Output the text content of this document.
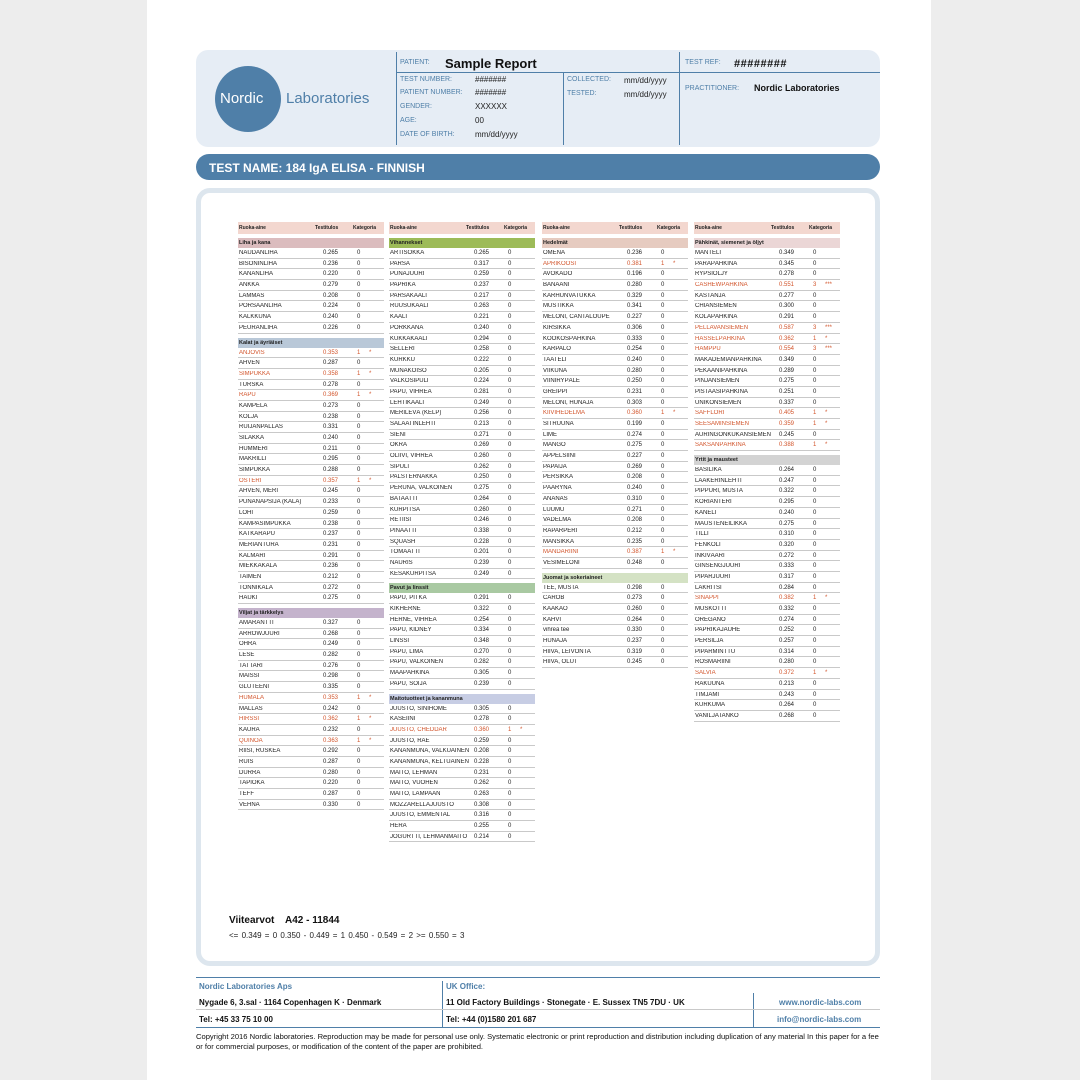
Nordic Laboratories
PATIENT: Sample Report
TEST NUMBER:	#######
PATIENT NUMBER: #######
GENDER:	XXXXXX
AGE:	00
DATE OF BIRTH:	mm/dd/yyyy
COLLECTED: mm/dd/yyyy
TESTED:	mm/dd/yyyy
TEST REF: ########
PRACTITIONER: Nordic Laboratories
TEST NAME: 184 IgA ELISA - FINNISH
Ruoka-aine	Testitulos	Kategoria
Liha ja kana
NAUDANLIHA	0.265	0
BISONINLIHA	0.236	0
KANANLIHA	0.220	0
ANKKA	0.279	0
LAMMAS	0.208	0
PORSAANLIHA	0.224	0
KALKKUNA	0.240	0
PEURANLIHA	0.226	0
Kalat ja äyriäiset
ANJOVIS	0.353	1 *
AHVEN	0.287	0
SIMPUKKA	0.358	1 *
TURSKA	0.278	0
RAPU	0.369	1 *
KAMPELA	0.273	0
KOLJA	0.238	0
RUIJANPALLAS	0.331	0
SILAKKA	0.240	0
HUMMERI	0.211	0
MAKRILLI	0.295	0
SIMPUKKA	0.288	0
OSTERI	0.357	1 *
AHVEN, MERI	0.245	0
PUNANAPSIJA (KALA)	0.233	0
LOHI	0.259	0
KAMPASIMPUKKA	0.238	0
KATKARAPU	0.237	0
MERIANTURA	0.231	0
KALMARI	0.291	0
MIEKKAKALA	0.236	0
TAIMEN	0.212	0
TONNIKALA	0.272	0
HAUKI	0.275	0
Viljat ja tärkkelys
AMARANTTI	0.327	0
ARROWJUURI	0.268	0
OHRA	0.249	0
LESE	0.282	0
TATTARI	0.276	0
MAISSI	0.298	0
GLUTEENI	0.335	0
HUMALA	0.353	1 *
MALLAS	0.242	0
HIRSSI	0.362	1 *
KAURA	0.232	0
QUINOA	0.363	1 *
RIISI, RUSKEA	0.292	0
RUIS	0.287	0
DURRA	0.280	0
TAPIOKA	0.220	0
TEFF	0.287	0
VEHNÄ	0.330	0
Ruoka-aine	Testitulos	Kategoria
Vihannekset
ARTISOKKA	0.265	0
PARSA	0.317	0
PUNAJUURI	0.259	0
PAPRIKA	0.237	0
PARSAKAALI	0.217	0
RUUSUKAALI	0.263	0
KAALI	0.221	0
PORKKANA	0.240	0
KUKKAKAALI	0.294	0
SELLERI	0.258	0
KURKKU	0.222	0
MUNAKOISO	0.205	0
VALKOSIPULI	0.224	0
PAPU, VIHREÄ	0.281	0
LEHTIKAALI	0.249	0
MERILEVÄ (KELP)	0.256	0
SALAATINLEHTI	0.213	0
SIENI	0.271	0
OKRA	0.269	0
OLIIVI, VIHREÄ	0.260	0
SIPULI	0.262	0
PALSTERNAKKA	0.250	0
PERUNA, VALKOINEN	0.275	0
BATAATTI	0.264	0
KURPITSA	0.260	0
RETIISI	0.246	0
PINAATTI	0.338	0
SQUASH	0.228	0
TOMAATTI	0.201	0
NAURIS	0.239	0
KESÄKURPITSA	0.249	0
Pavut ja linssit
PAPU, PITKÄ	0.291	0
KIKHERNE	0.322	0
HERNE, VIHREÄ	0.254	0
PAPU, KIDNEY	0.334	0
LINSSI	0.348	0
PAPU, LIMA	0.270	0
PAPU, VALKOINEN	0.282	0
MAAPÄHKINÄ	0.305	0
PAPU, SOIJA	0.239	0
Maitotuotteet ja kananmuna
JUUSTO, SINIHOME	0.305	0
KASEIINI	0.278	0
JUUSTO, CHEDDAR	0.360	1 *
JUUSTO, RAE	0.259	0
KANANMUNA, VALKUAINEN 0.208	0
KANANMUNA, KELTUAINEN 0.228	0
MAITO, LEHMÄN	0.231	0
MAITO, VUOHEN	0.262	0
MAITO, LAMPAAN	0.263	0
MOZZARELLAJUUSTO	0.308	0
JUUSTO, EMMENTAL	0.316	0
HERA	0.255	0
JOGURTTI, LEHMÄNMAITO	0.214	0
Ruoka-aine	Testitulos	Kategoria
Hedelmät
OMENA	0.236	0
APRIKOOSI	0.381	1 *
AVOKADO	0.196	0
BANAANI	0.280	0
KARHUNVATUKKA	0.329	0
MUSTIKKA	0.341	0
MELONI, CANTALOUPE	0.227	0
KIRSIKKA	0.306	0
KOOKOSPÄHKINÄ	0.333	0
KARPALO	0.254	0
TAATELI	0.240	0
VIIKUNA	0.280	0
VIINIRYPÄLE	0.250	0
GREIPPI	0.231	0
MELONI, HUNAJA	0.303	0
KIIVIHEDELMÄ	0.360	1 *
SITRUUNA	0.199	0
LIME	0.274	0
MANGO	0.275	0
APPELSIINI	0.227	0
PAPAIJA	0.269	0
PERSIKKA	0.208	0
PÄÄRYNÄ	0.240	0
ANANAS	0.310	0
LUUMU	0.271	0
VADELMA	0.208	0
RAPARPERI	0.212	0
MANSIKKA	0.235	0
MANDARIINI	0.387	1 *
VESIMELONI	0.248	0
Juomat ja sokeriaineet
TEE, MUSTA	0.298	0
CAROB	0.273	0
KAAKAO	0.260	0
KAHVI	0.264	0
vihreä tee	0.330	0
HUNAJA	0.237	0
HIIVA, LEIVONTA	0.319	0
HIIVA, OLUT	0.245	0
Ruoka-aine	Testitulos	Kategoria
Pähkinät, siemenet ja öljyt
MANTELI	0.349	0
PARAPÄHKINÄ	0.345	0
RYPSIÖLJY	0.278	0
CASHEWPÄHKINÄ	0.551	3 ***
KASTANJA	0.277	0
CHIANSIEMEN	0.300	0
KOLAPÄHKINÄ	0.291	0
PELLAVANSIEMEN	0.587	3 ***
HASSELPÄHKINÄ	0.362	1 *
HAMPPU	0.554	3 ***
MAKADEMIANPÄHKINÄ	0.349	0
PEKAANIPÄHKINÄ	0.289	0
PINJANSIEMEN	0.275	0
PISTAASIPÄHKINÄ	0.251	0
UNIKONSIEMEN	0.337	0
SAFFLORI	0.405	1 *
SEESAMINSIEMEN	0.359	1 *
AURINGONKUKANSIEMEN	0.245	0
SAKSANPÄHKINÄ	0.388	1 *
Yrtit ja mausteet
BASILIKA	0.264	0
LAAKERINLEHTI	0.247	0
PIPPURI, MUSTA	0.322	0
KORIANTERI	0.295	0
KANELI	0.240	0
MAUSTENEILIKKA	0.275	0
TILLI	0.310	0
FENKOLI	0.320	0
INKIVÄÄRI	0.272	0
GINSENGJUURI	0.333	0
PIPARJUURI	0.317	0
LAKRITSI	0.284	0
SINAPPI	0.382	1 *
MUSKOTTI	0.332	0
OREGANO	0.274	0
PAPRIKAJAUHE	0.252	0
PERSILJA	0.257	0
PIPARMINTTU	0.314	0
ROSMARIINI	0.280	0
SALVIA	0.372	1 *
RAKUUNA	0.213	0
TIMJAMI	0.243	0
KURKUMA	0.264	0
VANILJATANKO	0.268	0
Viitearvot A42 - 11844
<= 0.349 = 0 0.350 - 0.449 = 1 0.450 - 0.549 = 2 >= 0.550 = 3
Nordic Laboratories Aps
Nygade 6, 3.sal · 1164 Copenhagen K · Denmark
Tel: +45 33 75 10 00
UK Office:
11 Old Factory Buildings · Stonegate · E. Sussex TN5 7DU · UK
Tel: +44 (0)1580 201 687
www.nordic-labs.com
info@nordic-labs.com
Copyright 2016 Nordic laboratories. Reproduction may be made for personal use only. Systematic electronic or print reproduction and distribution including duplication of any material In this paper for a fee or for commercial purposes, or modification of the content of the paper are prohibited.
